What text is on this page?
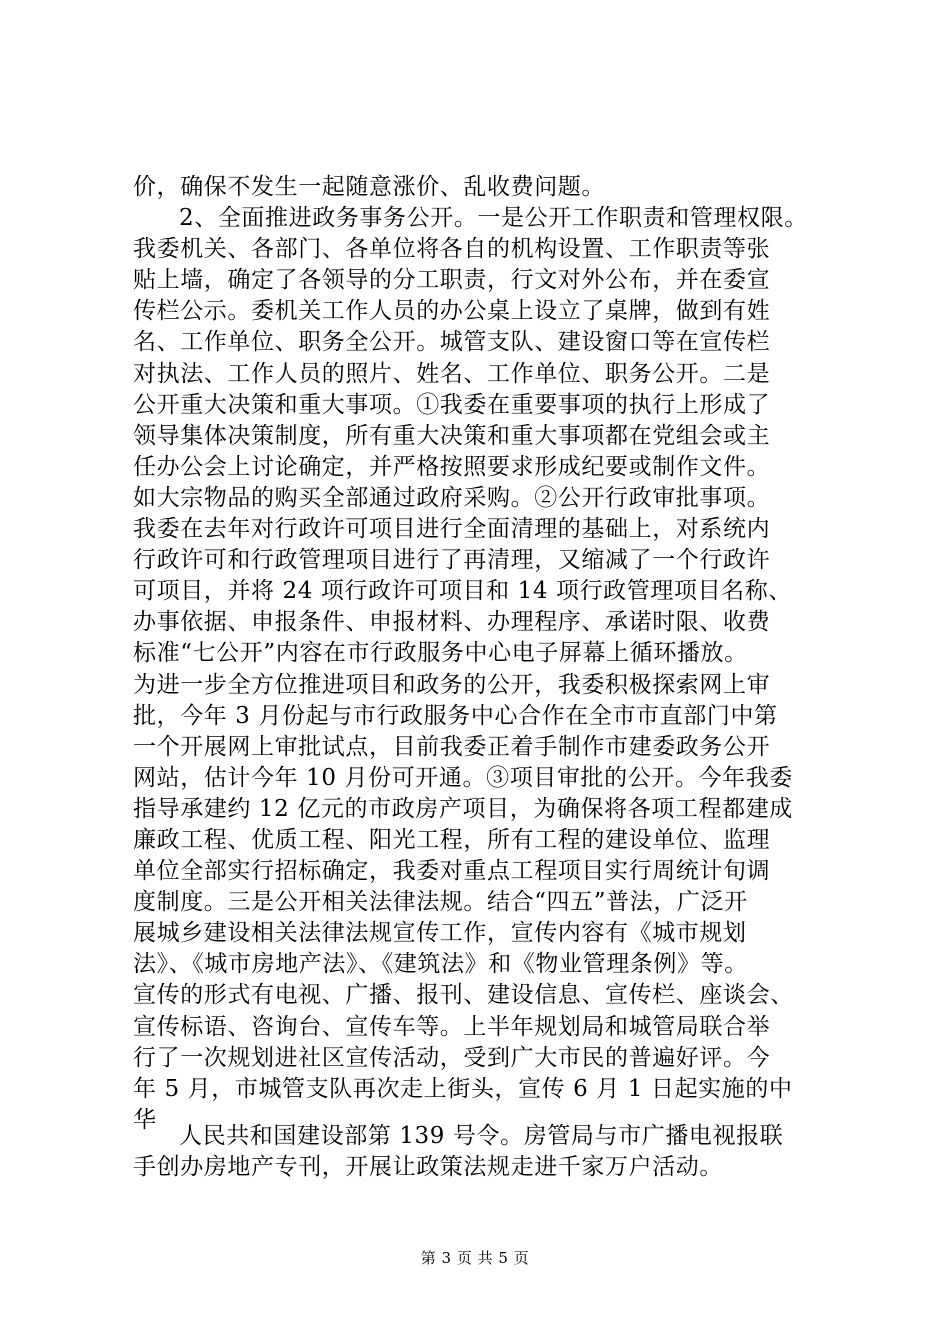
价，确保不发生一起随意涨价、乱收费问题。
2、全面推进政务事务公开。一是公开工作职责和管理权限。
我委机关、各部门、各单位将各自的机构设置、工作职责等张
贴上墙，确定了各领导的分工职责，行文对外公布，并在委宣
传栏公示。委机关工作人员的办公桌上设立了桌牌，做到有姓
名、工作单位、职务全公开。城管支队、建设窗口等在宣传栏
对执法、工作人员的照片、姓名、工作单位、职务公开。二是
公开重大决策和重大事项。①我委在重要事项的执行上形成了
领导集体决策制度，所有重大决策和重大事项都在党组会或主
任办公会上讨论确定，并严格按照要求形成纪要或制作文件。
如大宗物品的购买全部通过政府采购。②公开行政审批事项。
我委在去年对行政许可项目进行全面清理的基础上，对系统内
行政许可和行政管理项目进行了再清理，又缩减了一个行政许
可项目，并将 24 项行政许可项目和 14 项行政管理项目名称、
办事依据、申报条件、申报材料、办理程序、承诺时限、收费
标准“七公开”内容在市行政服务中心电子屏幕上循环播放。
为进一步全方位推进项目和政务的公开，我委积极探索网上审
批，今年 3 月份起与市行政服务中心合作在全市市直部门中第
一个开展网上审批试点，目前我委正着手制作市建委政务公开
网站，估计今年 10 月份可开通。③项目审批的公开。今年我委
指导承建约 12 亿元的市政房产项目，为确保将各项工程都建成
廉政工程、优质工程、阳光工程，所有工程的建设单位、监理
单位全部实行招标确定，我委对重点工程项目实行周统计旬调
度制度。三是公开相关法律法规。结合“四五”普法，广泛开
展城乡建设相关法律法规宣传工作，宣传内容有《城市规划
法》、《城市房地产法》、《建筑法》和《物业管理条例》等。
宣传的形式有电视、广播、报刊、建设信息、宣传栏、座谈会、
宣传标语、咨询台、宣传车等。上半年规划局和城管局联合举
行了一次规划进社区宣传活动，受到广大市民的普遍好评。今
年 5 月，市城管支队再次走上街头，宣传 6 月 1 日起实施的中
华
人民共和国建设部第 139 号令。房管局与市广播电视报联
手创办房地产专刊，开展让政策法规走进千家万户活动。
第 3 页 共 5 页
